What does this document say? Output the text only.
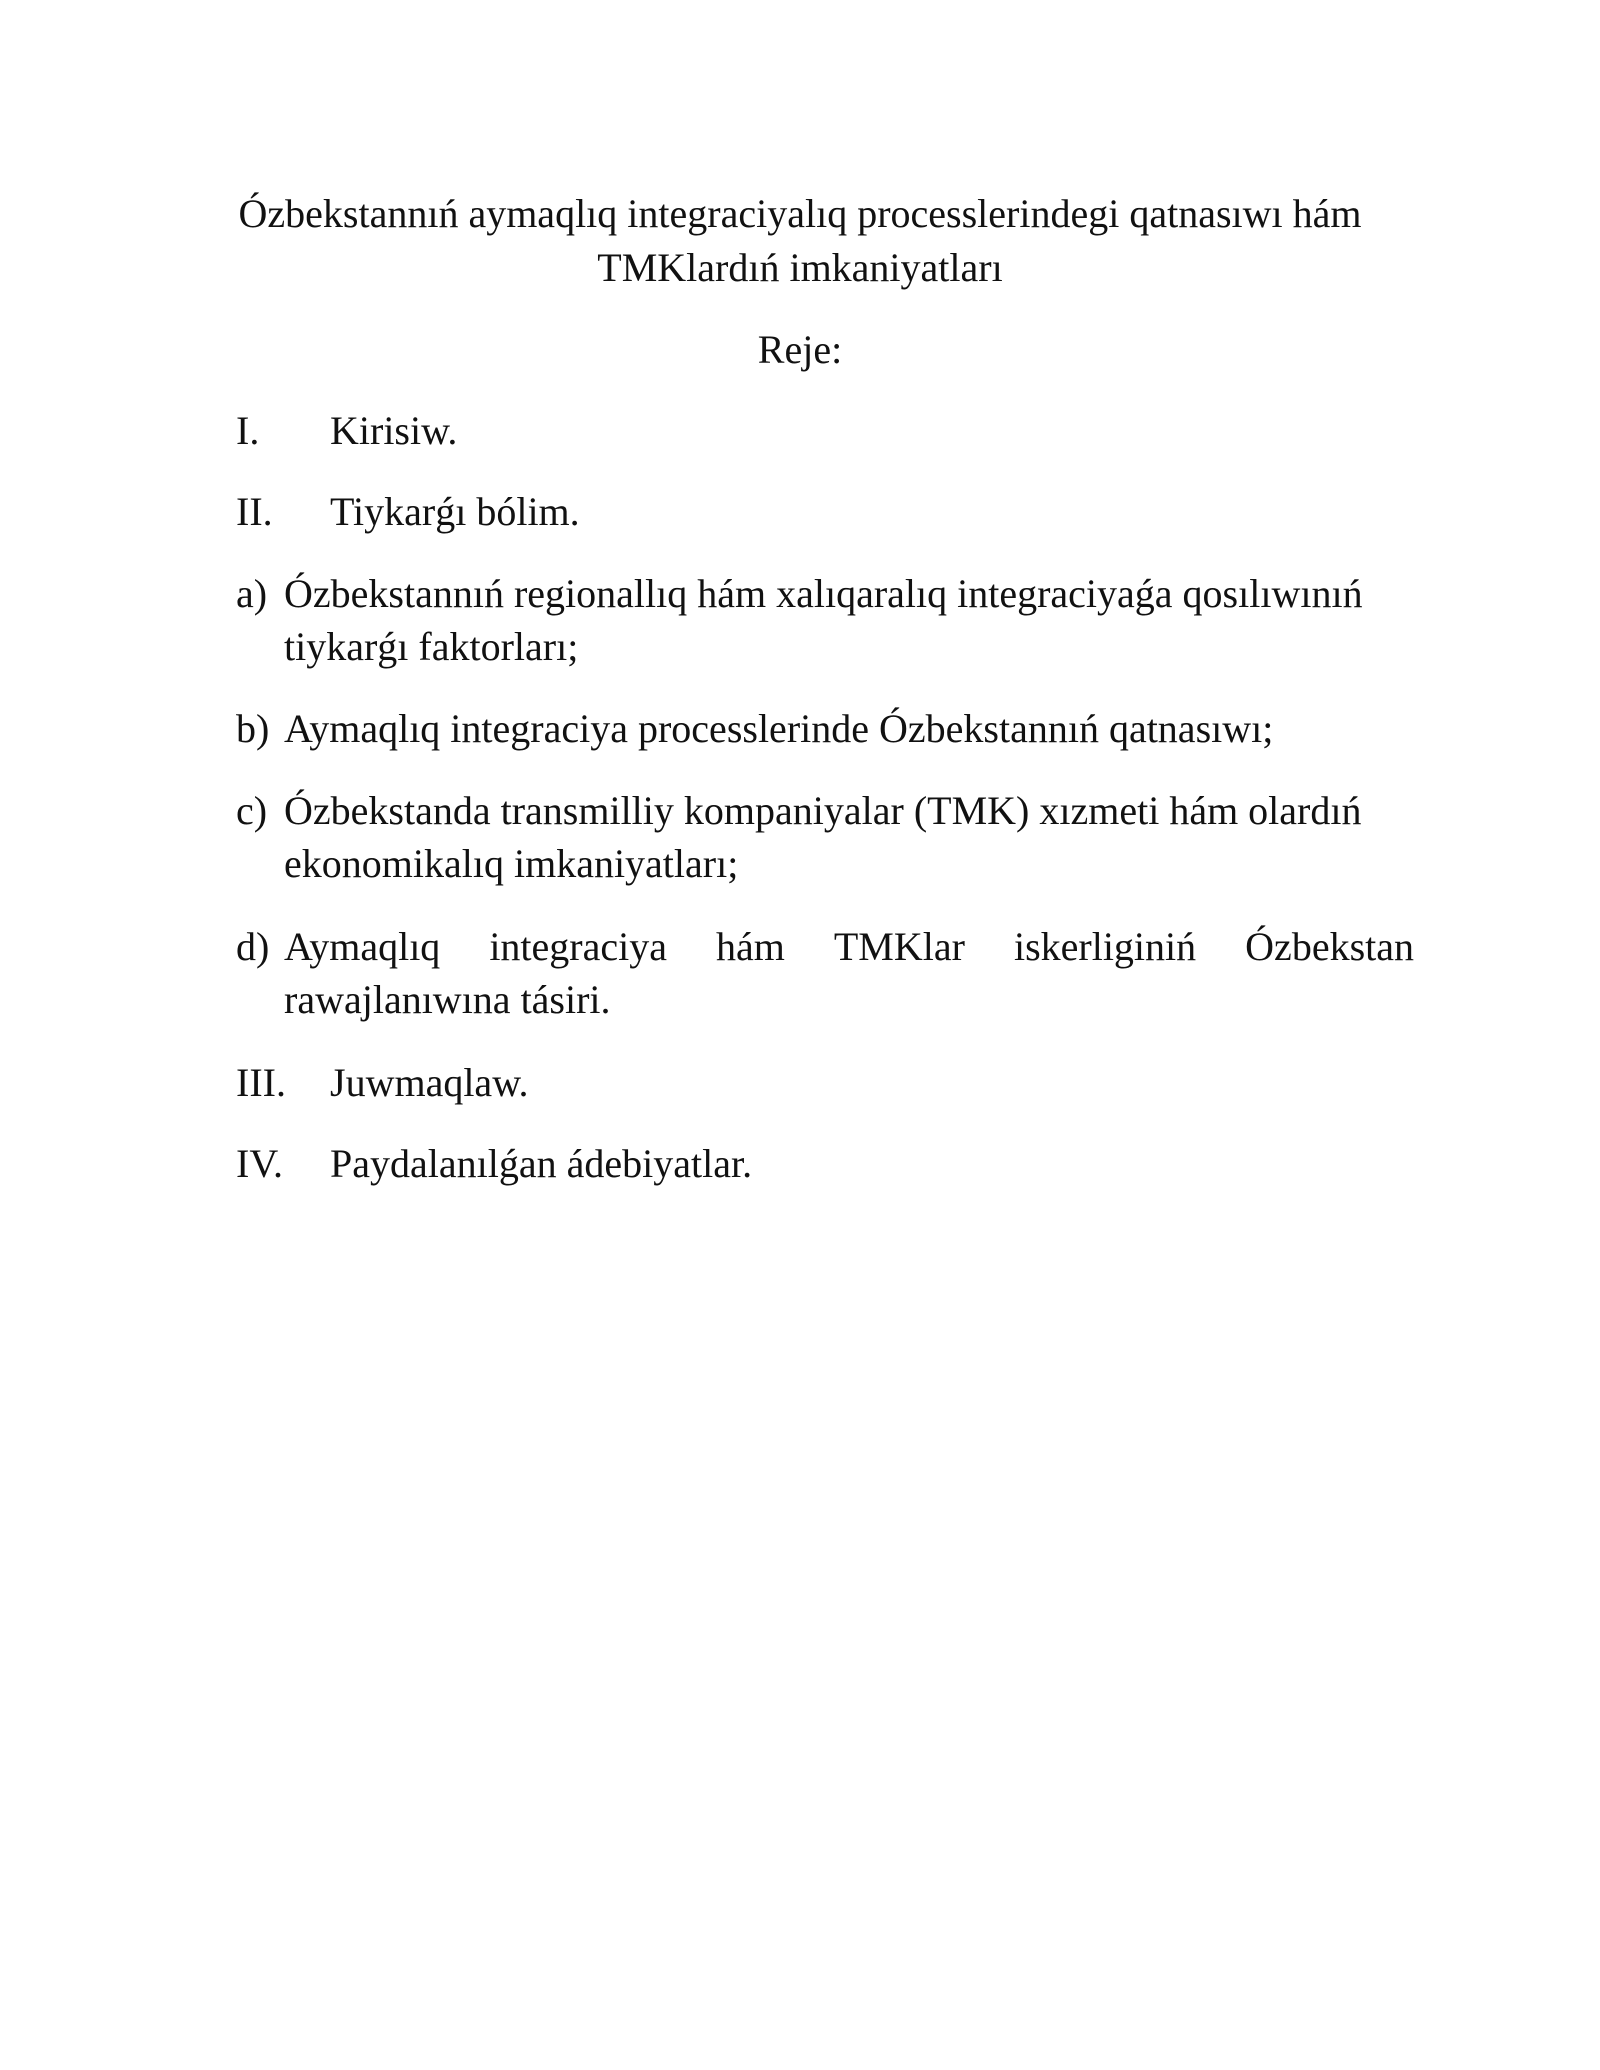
Ózbekstannıń aymaqlıq integraciyalıq processlerindegi qatnasıwı hám
TMKlardıń imkaniyatları
Reje:
I. Kirisiw.
II. Tiykarǵı bólim.
a) Ózbekstannıń regionallıq hám xalıqaralıq integraciyaǵa qosılıwınıń
tiykarǵı faktorları;
b) Aymaqlıq integraciya processlerinde Ózbekstannıń qatnasıwı;
c) Ózbekstanda transmilliy kompaniyalar (TMK) xızmeti hám olardıń
ekonomikalıq imkaniyatları;
d) Aymaqlıq integraciya hám TMKlar iskerliginiń Ózbekstan
rawajlanıwına tásiri.
III. Juwmaqlaw.
IV. Paydalanılǵan ádebiyatlar.
